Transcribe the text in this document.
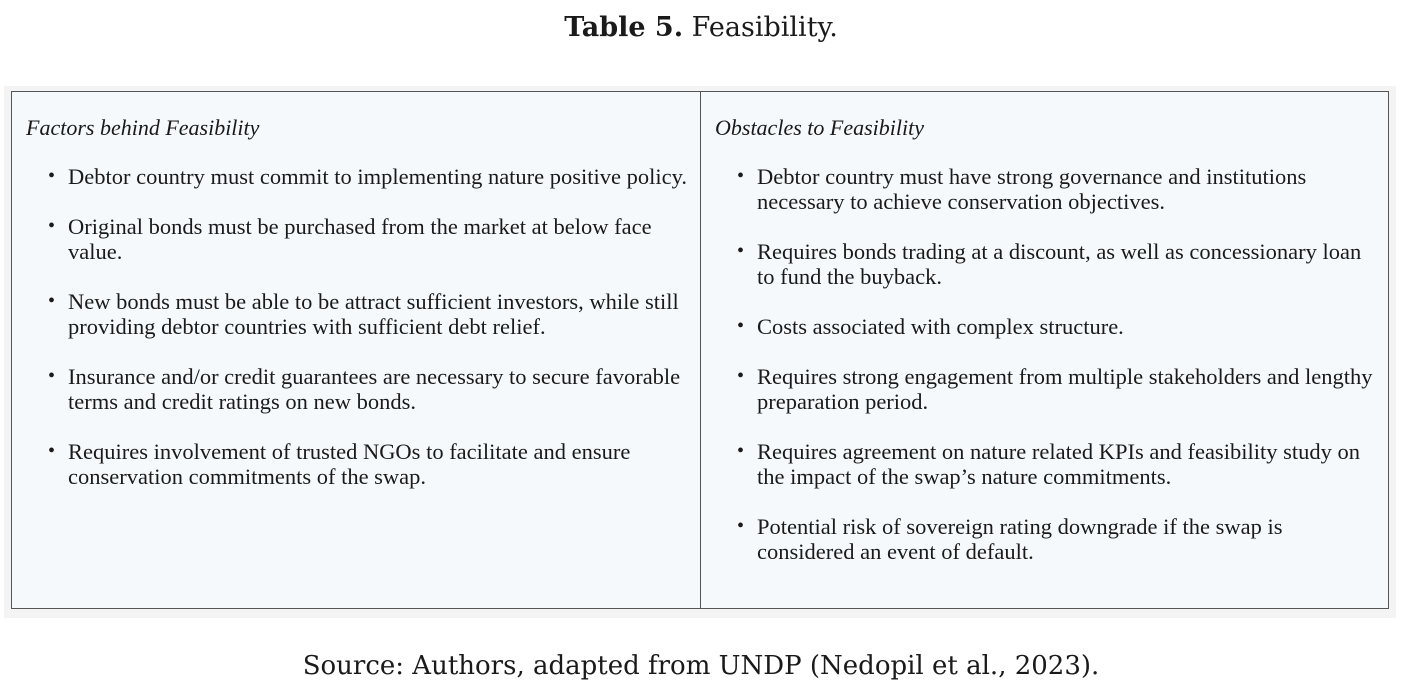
Table 5. Feasibility.
Factors behind Feasibility
• Debtor country must commit to implementing nature positive policy.
• Original bonds must be purchased from the market at below face value.
• New bonds must be able to be attract sufficient investors, while still providing debtor countries with sufficient debt relief.
• Insurance and/or credit guarantees are necessary to secure favorable terms and credit ratings on new bonds.
• Requires involvement of trusted NGOs to facilitate and ensure conservation commitments of the swap.
Obstacles to Feasibility
• Debtor country must have strong governance and institutions necessary to achieve conservation objectives.
• Requires bonds trading at a discount, as well as concessionary loan to fund the buyback.
• Costs associated with complex structure.
• Requires strong engagement from multiple stakeholders and lengthy preparation period.
• Requires agreement on nature related KPIs and feasibility study on the impact of the swap’s nature commitments.
• Potential risk of sovereign rating downgrade if the swap is considered an event of default.
Source: Authors, adapted from UNDP (Nedopil et al., 2023).
